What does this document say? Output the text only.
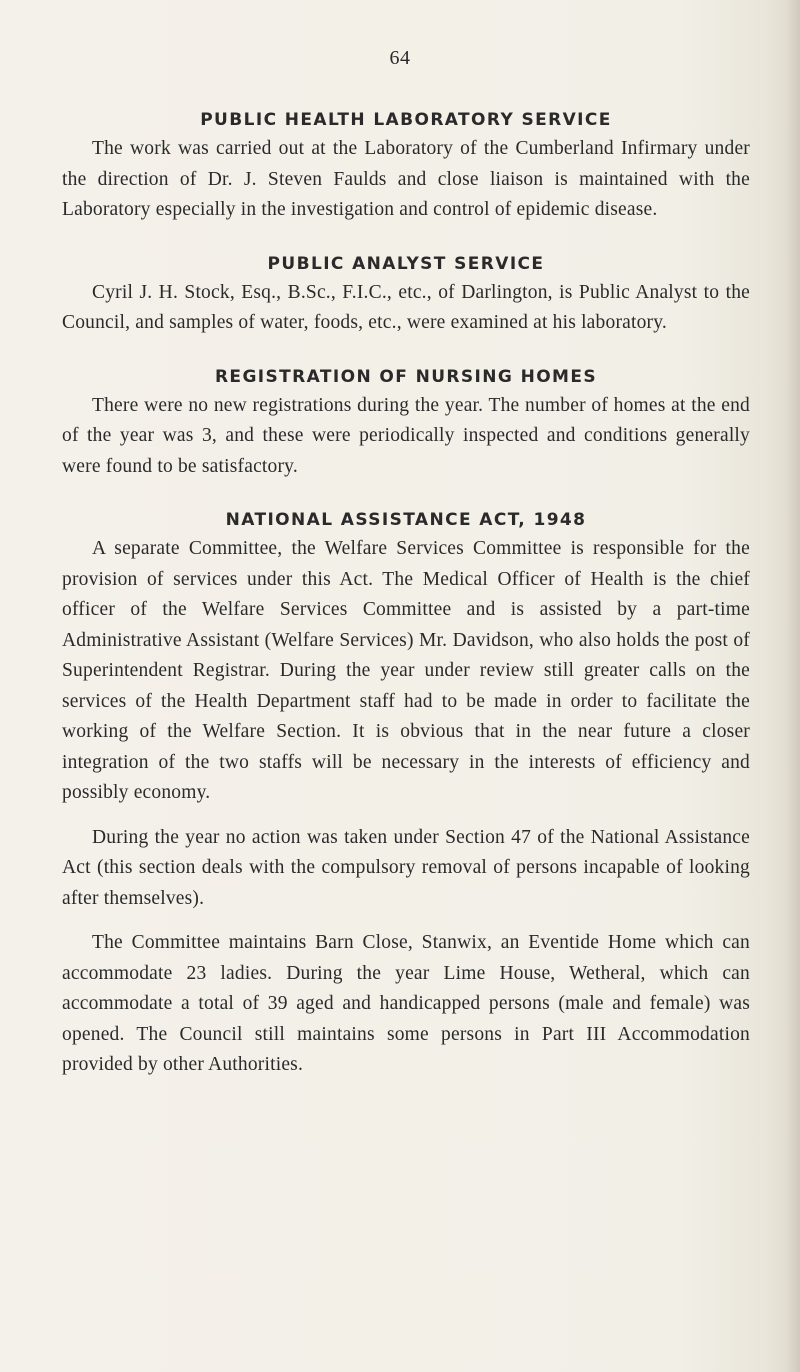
64
PUBLIC HEALTH LABORATORY SERVICE

The work was carried out at the Laboratory of the Cumberland Infirmary under the direction of Dr. J. Steven Faulds and close liaison is maintained with the Laboratory especially in the investigation and control of epidemic disease.

PUBLIC ANALYST SERVICE

Cyril J. H. Stock, Esq., B.Sc., F.I.C., etc., of Darlington, is Public Analyst to the Council, and samples of water, foods, etc., were examined at his laboratory.

REGISTRATION OF NURSING HOMES

There were no new registrations during the year. The number of homes at the end of the year was 3, and these were periodically inspected and conditions generally were found to be satisfactory.

NATIONAL ASSISTANCE ACT, 1948

A separate Committee, the Welfare Services Committee is responsible for the provision of services under this Act. The Medical Officer of Health is the chief officer of the Welfare Services Committee and is assisted by a part-time Administrative Assistant (Welfare Services) Mr. Davidson, who also holds the post of Superintendent Registrar. During the year under review still greater calls on the services of the Health Department staff had to be made in order to facilitate the working of the Welfare Section. It is obvious that in the near future a closer integration of the two staffs will be necessary in the interests of efficiency and possibly economy.

During the year no action was taken under Section 47 of the National Assistance Act (this section deals with the compulsory removal of persons incapable of looking after themselves).

The Committee maintains Barn Close, Stanwix, an Eventide Home which can accommodate 23 ladies. During the year Lime House, Wetheral, which can accommodate a total of 39 aged and handicapped persons (male and female) was opened. The Council still maintains some persons in Part III Accommodation provided by other Authorities.
